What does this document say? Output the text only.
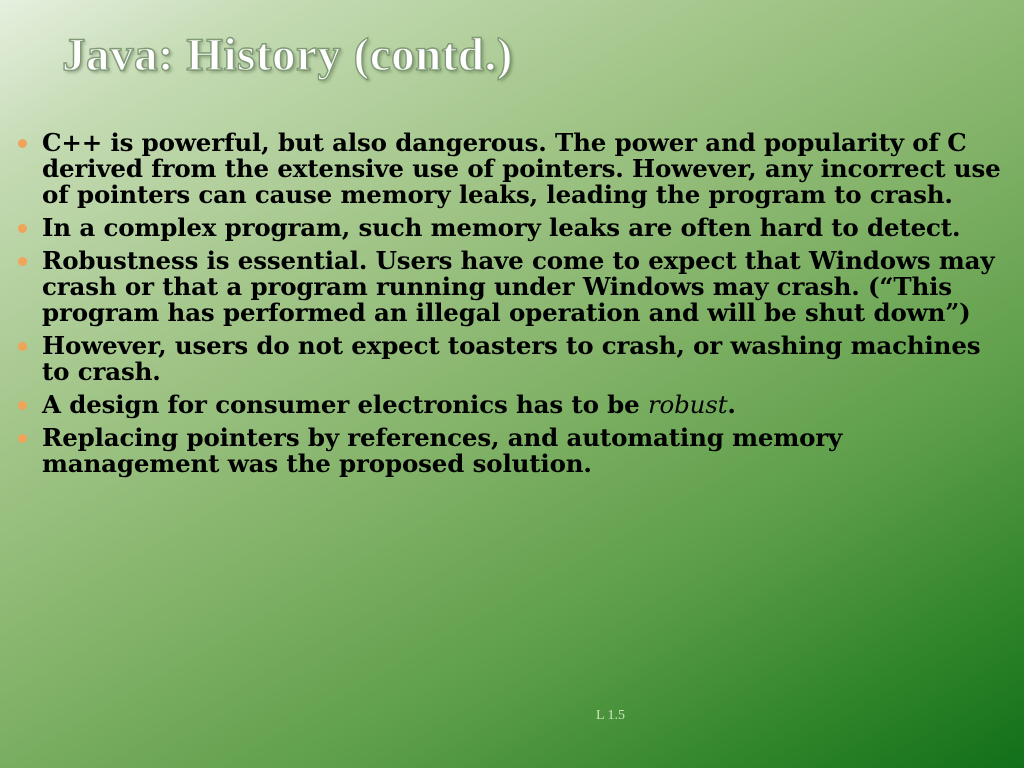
Java: History (contd.)
C++ is powerful, but also dangerous. The power and popularity of C derived from the extensive use of pointers. However, any incorrect use of pointers can cause memory leaks, leading the program to crash.
In a complex program, such memory leaks are often hard to detect.
Robustness is essential. Users have come to expect that Windows may crash or that a program running under Windows may crash. (“This program has performed an illegal operation and will be shut down”)
However, users do not expect toasters to crash, or washing machines to crash.
A design for consumer electronics has to be robust.
Replacing pointers by references, and automating memory management was the proposed solution.
L 1.5
